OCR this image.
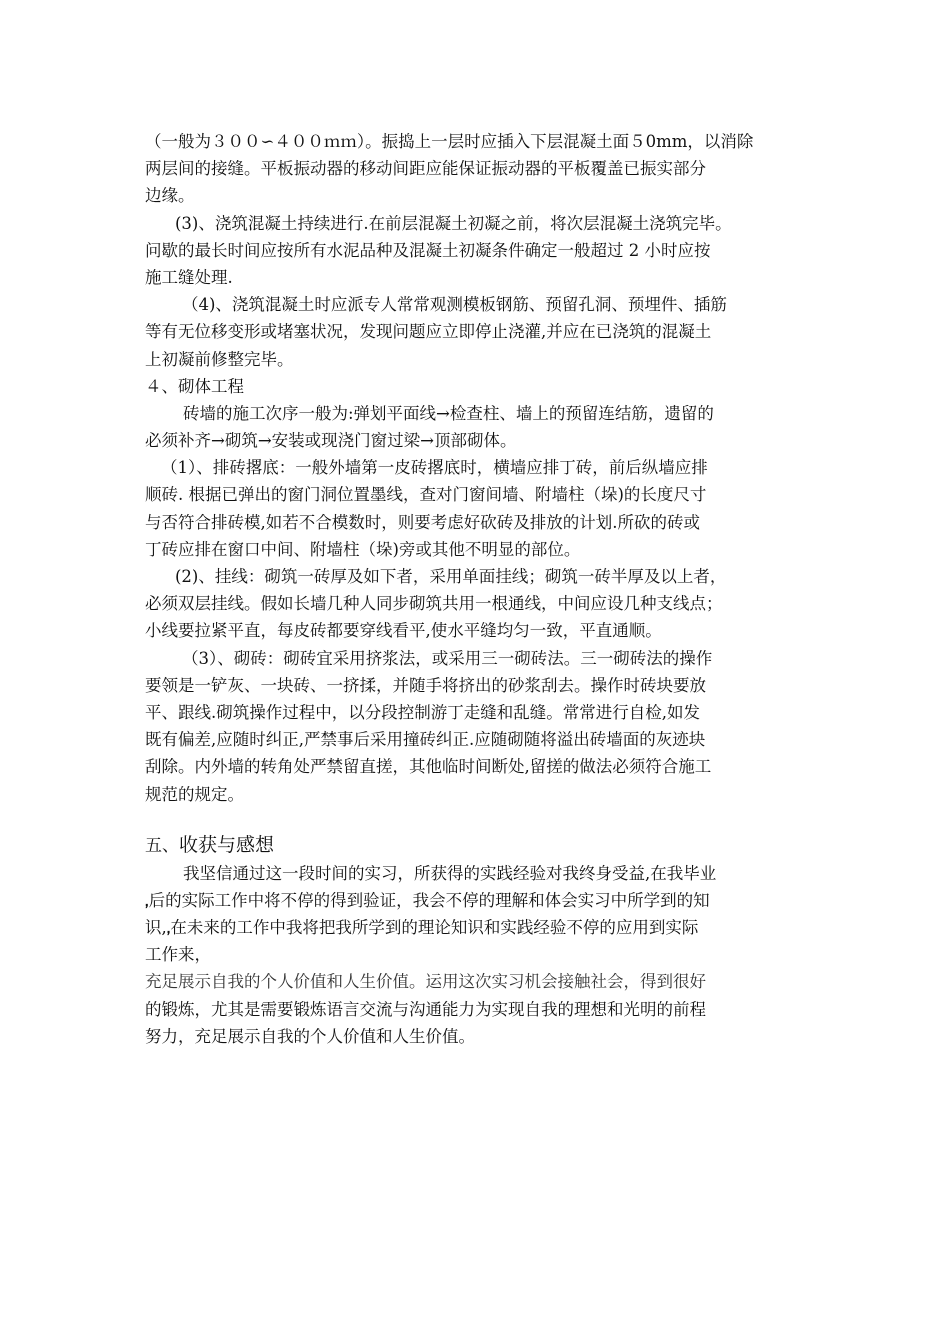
（一般为３００∽４００ｍｍ）。振捣上一层时应插入下层混凝土面５0mm，以消除
两层间的接缝。平板振动器的移动间距应能保证振动器的平板覆盖已振实部分
边缘。
(3)、浇筑混凝土持续进行.在前层混凝土初凝之前，将次层混凝土浇筑完毕。
问歇的最长时间应按所有水泥品种及混凝土初凝条件确定一般超过 2 小时应按
施工缝处理.
（4)、浇筑混凝土时应派专人常常观测模板钢筋、预留孔洞、预埋件、插筋
等有无位移变形或堵塞状况，发现问题应立即停止浇灌,并应在已浇筑的混凝土
上初凝前修整完毕。
４、砌体工程
砖墙的施工次序一般为:弹划平面线→检查柱、墙上的预留连结筋，遗留的
必须补齐→砌筑→安装或现浇门窗过梁→顶部砌体。
（1）、排砖撂底：一般外墙第一皮砖撂底时，横墙应排丁砖，前后纵墙应排
顺砖. 根据已弹出的窗门洞位置墨线，查对门窗间墙、附墙柱（垛)的长度尺寸
与否符合排砖模,如若不合模数时，则要考虑好砍砖及排放的计划.所砍的砖或
丁砖应排在窗口中间、附墙柱（垛)旁或其他不明显的部位。
(2)、挂线：砌筑一砖厚及如下者，采用单面挂线；砌筑一砖半厚及以上者，
必须双层挂线。假如长墙几种人同步砌筑共用一根通线，中间应设几种支线点；
小线要拉紧平直，每皮砖都要穿线看平,使水平缝均匀一致，平直通顺。
（3）、砌砖：砌砖宜采用挤浆法，或采用三一砌砖法。三一砌砖法的操作
要领是一铲灰、一块砖、一挤揉，并随手将挤出的砂浆刮去。操作时砖块要放
平、跟线.砌筑操作过程中，以分段控制游丁走缝和乱缝。常常进行自检,如发
既有偏差,应随时纠正,严禁事后采用撞砖纠正.应随砌随将溢出砖墙面的灰迹块
刮除。内外墙的转角处严禁留直搓，其他临时间断处,留搓的做法必须符合施工
规范的规定。
五、收获与感想
我坚信通过这一段时间的实习，所获得的实践经验对我终身受益,在我毕业
ꓹ后的实际工作中将不停的得到验证，我会不停的理解和体会实习中所学到的知
识,ꓹ在未来的工作中我将把我所学到的理论知识和实践经验不停的应用到实际
工作来，
充足展示自我的个人价值和人生价值。运用这次实习机会接触社会，得到很好
的锻炼，尤其是需要锻炼语言交流与沟通能力为实现自我的理想和光明的前程
努力，充足展示自我的个人价值和人生价值。
